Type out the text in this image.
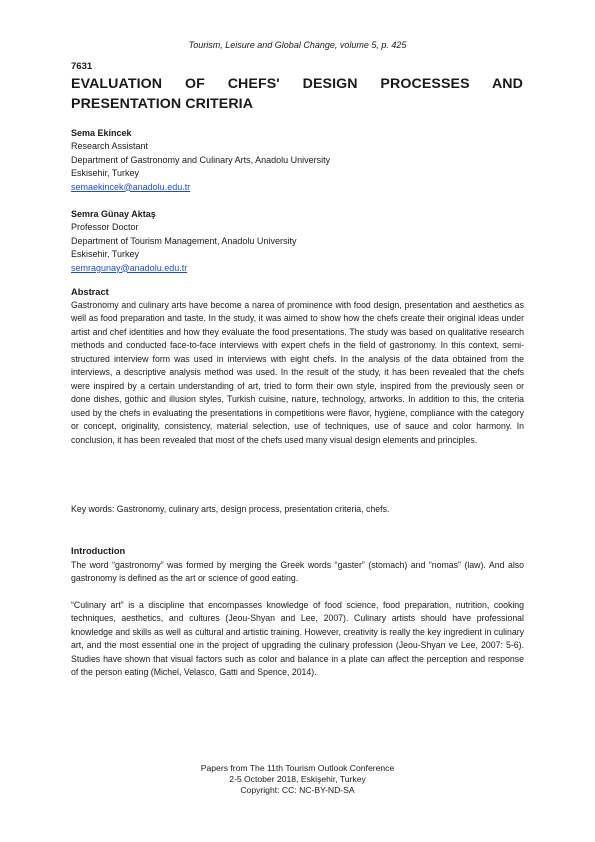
Tourism, Leisure and Global Change, volume 5, p. 425
7631
EVALUATION OF CHEFS' DESIGN PROCESSES AND PRESENTATION CRITERIA
Sema Ekincek
Research Assistant
Department of Gastronomy and Culinary Arts, Anadolu University
Eskisehir, Turkey
semaekincek@anadolu.edu.tr
Semra Günay Aktaş
Professor Doctor
Department of Tourism Management, Anadolu University
Eskisehir, Turkey
semragunay@anadolu.edu.tr
Abstract

Gastronomy and culinary arts have become a narea of prominence with food design, presentation and aesthetics as well as food preparation and taste. In the study, it was aimed to show how the chefs create their original ideas under artist and chef identities and how they evaluate the food presentations. The study was based on qualitative research methods and conducted face-to-face interviews with expert chefs in the field of gastronomy. In this context, semi-structured interview form was used in interviews with eight chefs. In the analysis of the data obtained from the interviews, a descriptive analysis method was used. In the result of the study, it has been revealed that the chefs were inspired by a certain understanding of art, tried to form their own style, inspired from the previously seen or done dishes, gothic and illusion styles, Turkish cuisine, nature, technology, artworks. In addition to this, the criteria used by the chefs in evaluating the presentations in competitions were flavor, hygiene, compliance with the category or concept, originality, consistency, material selection, use of techniques, use of sauce and color harmony. In conclusion, it has been revealed that most of the chefs used many visual design elements and principles.

Key words: Gastronomy, culinary arts, design process, presentation criteria, chefs.

Introduction

The word “gastronomy” was formed by merging the Greek words “gaster” (stomach) and “nomas” (law). And also gastronomy is defined as the art or science of good eating.

“Culinary art” is a discipline that encompasses knowledge of food science, food preparation, nutrition, cooking techniques, aesthetics, and cultures (Jeou-Shyan and Lee, 2007). Culinary artists should have professional knowledge and skills as well as cultural and artistic training. However, creativity is really the key ingredient in culinary art, and the most essential one in the project of upgrading the culinary profession (Jeou-Shyan ve Lee, 2007: 5-6). Studies have shown that visual factors such as color and balance in a plate can affect the perception and response of the person eating (Michel, Velasco, Gatti and Spence, 2014).

Papers from The 11th Tourism Outlook Conference
2-5 October 2018, Eskişehir, Turkey
Copyright: CC: NC-BY-ND-SA
